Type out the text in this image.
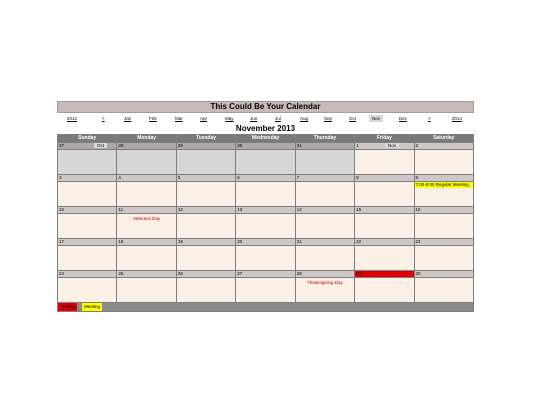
This Could Be Your Calendar
2012	<	Jan	Feb	Mar	Apr	May	Jun	Jul	Aug	Sep	Oct	Nov	Dec	>	2014
November 2013
Sunday	Monday	Tuesday	Wednesday	Thursday	Friday	Saturday
27 Oct	28	29	30	31	1 Nov	2

3	4	5	6	7	8	9

						7:00-9:00 Regular Meeting

10	11	12	13	14	15	16

	Veterans Day					

17	18	19	20	21	22	23

24	25	26	27	28	29	30

				Thanksgiving Day		

Holiday	Meeting
